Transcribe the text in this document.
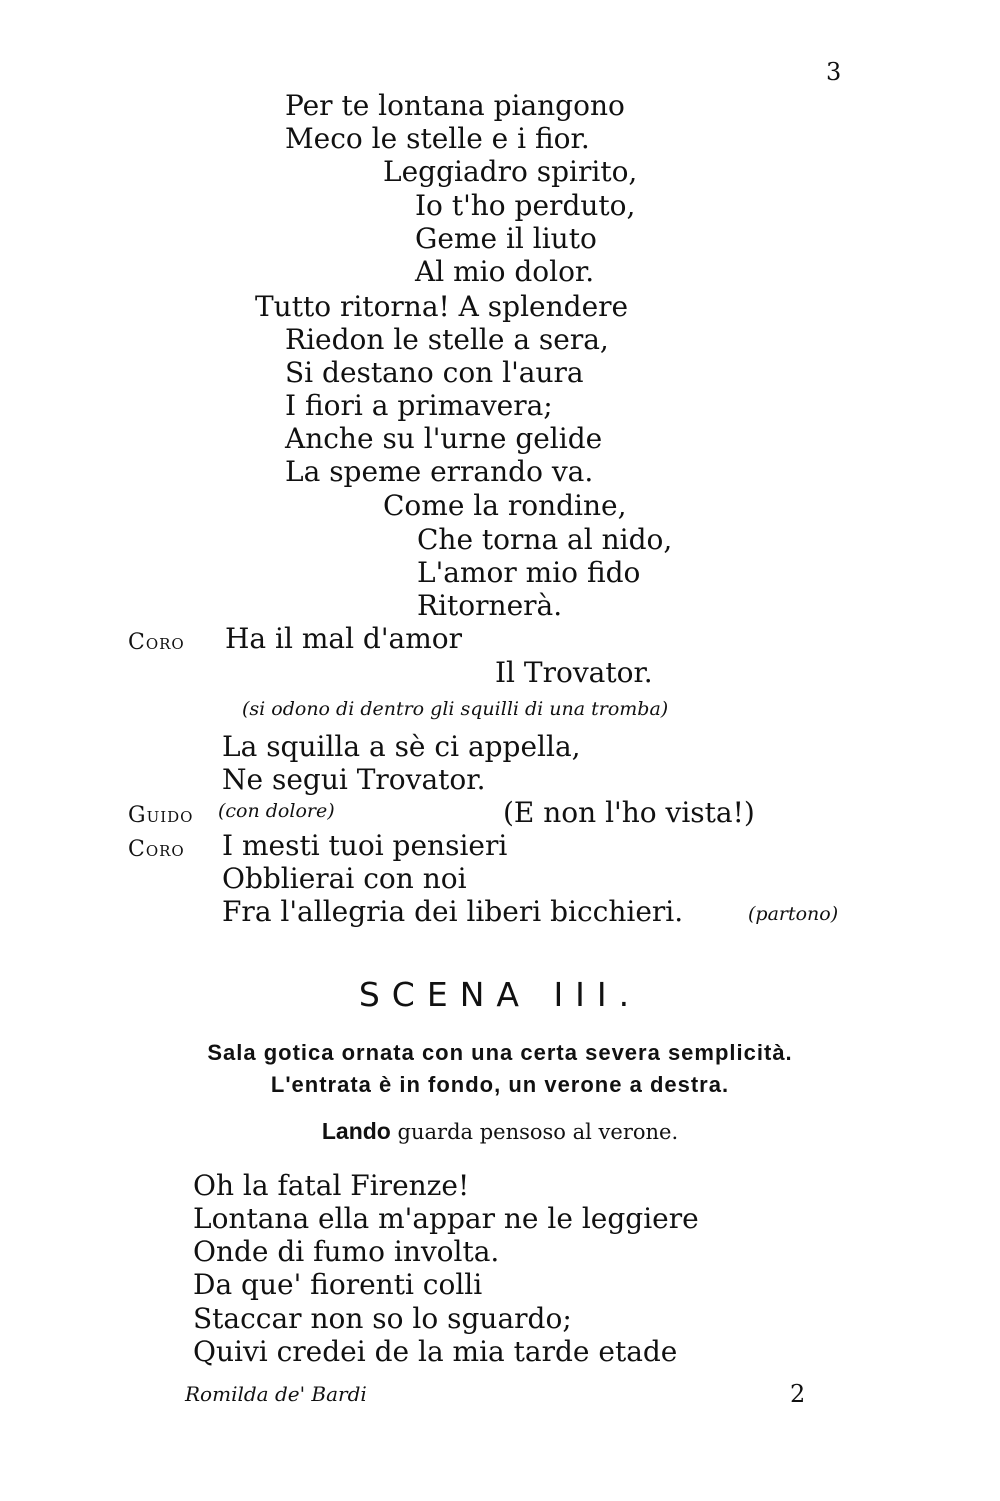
3
Per te lontana piangono
Meco le stelle e i fior.
Leggiadro spirito,
Io t'ho perduto,
Geme il liuto
Al mio dolor.
Tutto ritorna! A splendere
Riedon le stelle a sera,
Si destano con l'aura
I fiori a primavera;
Anche su l'urne gelide
La speme errando va.
Come la rondine,
Che torna al nido,
L'amor mio fido
Ritornerà.
Coro Ha il mal d'amor
Il Trovator.
(si odono di dentro gli squilli di una tromba)
La squilla a sè ci appella,
Ne segui Trovator.
Guido (con dolore)	(E non l'ho vista!)
Coro I mesti tuoi pensieri
Obblierai con noi
Fra l'allegria dei liberi bicchieri.	(partono)
SCENA III.
Sala gotica ornata con una certa severa semplicità.
L'entrata è in fondo, un verone a destra.
Lando guarda pensoso al verone.
Oh la fatal Firenze!
Lontana ella m'appar ne le leggiere
Onde di fumo involta.
Da que' fiorenti colli
Staccar non so lo sguardo;
Quivi credei de la mia tarde etade
Romilda de' Bardi	2
